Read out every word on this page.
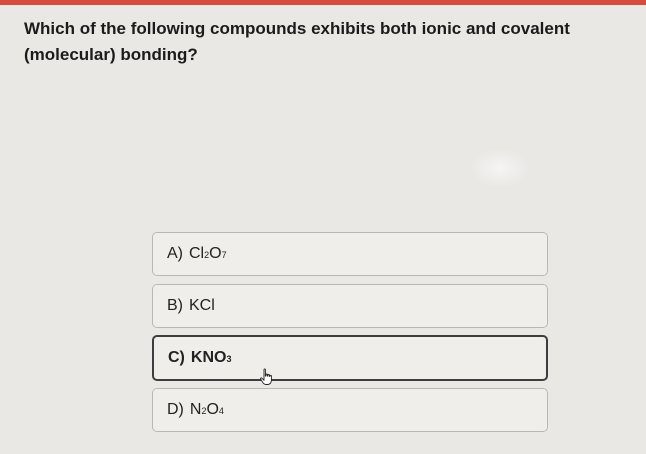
Which of the following compounds exhibits both ionic and covalent (molecular) bonding?
A) Cl 2 O 7
B) KCl
C) KNO 3
D) N 2 O 4
